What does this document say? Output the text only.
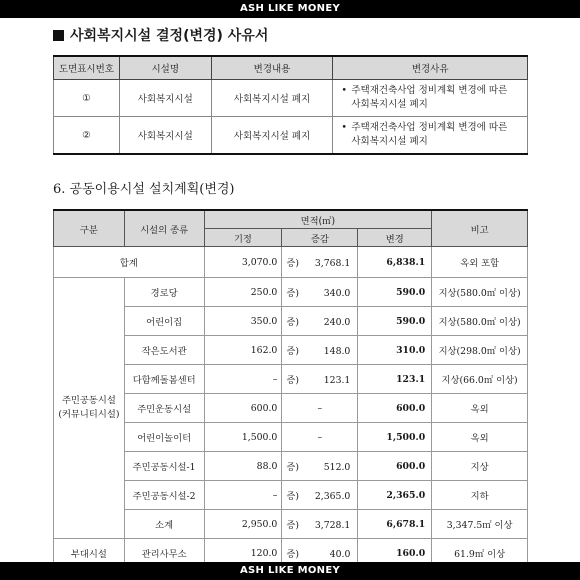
ASH LIKE MONEY
사회복지시설 결정(변경) 사유서
도면표시번호	시설명	변경내용	변경사유
①	사회복지시설	사회복지시설 폐지	• 주택재건축사업 정비계획 변경에 따른
사회복지시설 폐지

②	사회복지시설	사회복지시설 폐지	• 주택재건축사업 정비계획 변경에 따른
사회복지시설 폐지
6. 공동이용시설 설치계획(변경)
구분	시설의 종류	면적(㎡)			비고
		기정	증감	변경	
합계		3,070.0	증) 3,768.1	6,838.1	옥외 포함

주민공동시설
(커뮤니티시설)	경로당	250.0	증) 340.0	590.0	지상(580.0㎡ 이상)
	어린이집	350.0	증) 240.0	590.0	지상(580.0㎡ 이상)
	작은도서관	162.0	증) 148.0	310.0	지상(298.0㎡ 이상)
	다함께돌봄센터	–	증) 123.1	123.1	지상(66.0㎡ 이상)
	주민운동시설	600.0	–	600.0	옥외
	어린이놀이터	1,500.0	–	1,500.0	옥외
	주민공동시설-1	88.0	증) 512.0	600.0	지상
	주민공동시설-2	–	증) 2,365.0	2,365.0	지하
	소계	2,950.0	증) 3,728.1	6,678.1	3,347.5㎡ 이상
부대시설	관리사무소	120.0	증) 40.0	160.0	61.9㎡ 이상
ASH LIKE MONEY
